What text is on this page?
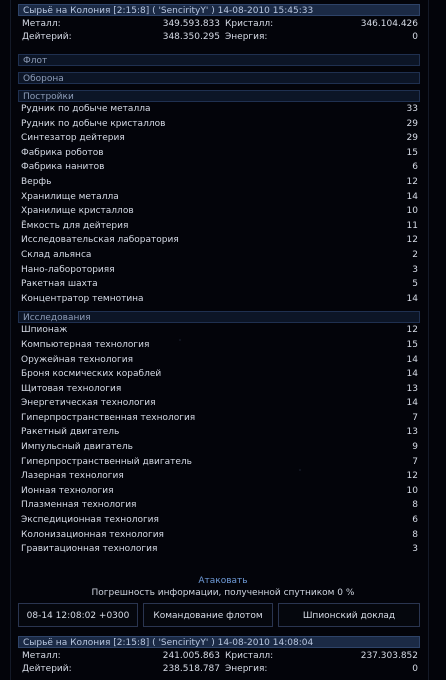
Сырьё на Колония [2:15:8] ( 'SencirityY' ) 14-08-2010 15:45:33
Металл:	349.593.833 Кристалл:	346.104.426
Дейтерий:	348.350.295 Энергия:	0
Флот
Оборона
Постройки
Рудник по добыче металла	33
Рудник по добыче кристаллов	29
Синтезатор дейтерия	29
Фабрика роботов	15
Фабрика нанитов	6
Верфь	12
Хранилище металла	14
Хранилище кристаллов	10
Ёмкость для дейтерия	11
Исследовательская лаборатория	12
Склад альянса	2
Нано-лабороторияя	3
Ракетная шахта	5
Концентратор темнотина	14
Исследования
Шпионаж	12
Компьютерная технология	15
Оружейная технология	14
Броня космических кораблей	14
Щитовая технология	13
Энергетическая технология	14
Гиперпространственная технология	7
Ракетный двигатель	13
Импульсный двигатель	9
Гиперпространственный двигатель	7
Лазерная технология	12
Ионная технология	10
Плазменная технология	8
Экспедиционная технология	6
Колонизационная технология	8
Гравитационная технология	3
Атаковать
Погрешность информации, полученной спутником 0 %
08-14 12:08:02 +0300	Командование флотом	Шпионский доклад
Сырьё на Колония [2:15:8] ( 'SencirityY' ) 14-08-2010 14:08:04
Металл:	241.005.863 Кристалл:	237.303.852
Дейтерий:	238.518.787 Энергия:	0
